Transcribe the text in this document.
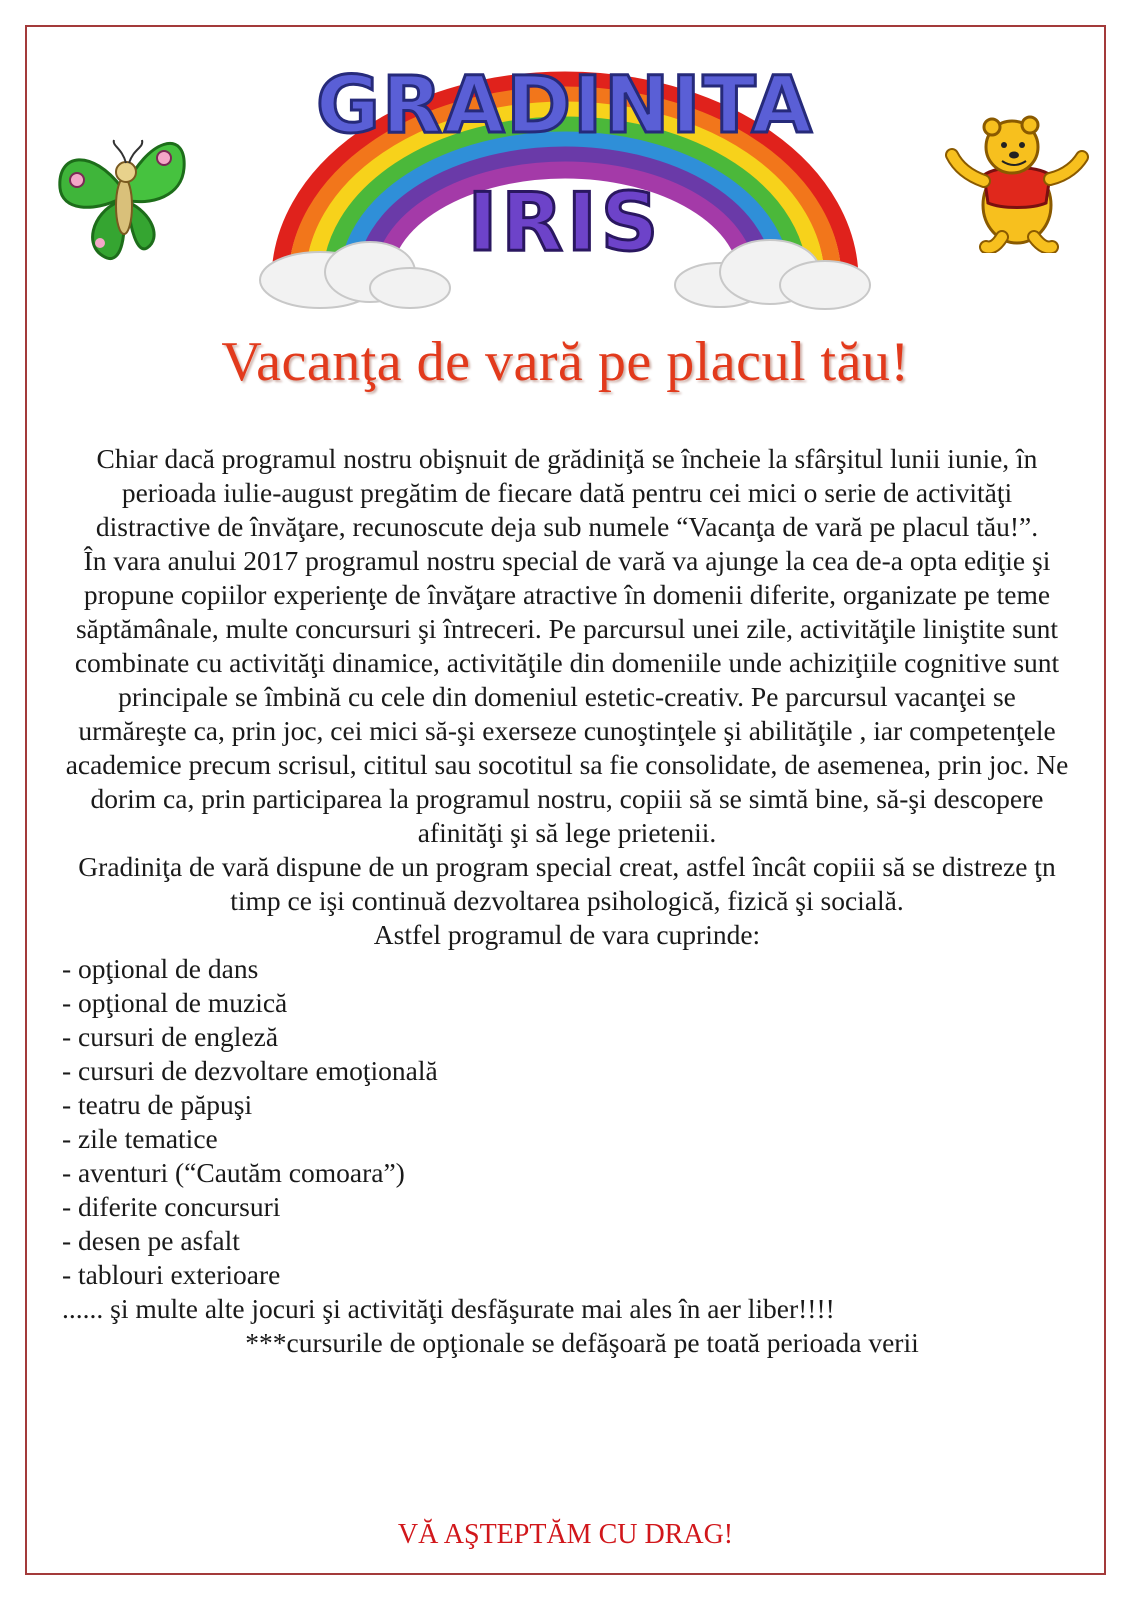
GRADINITA
IRIS
Vacanţa de vară pe placul tău!

Chiar dacă programul nostru obişnuit de grădiniţă se încheie la sfârşitul lunii iunie, în perioada iulie-august pregătim de fiecare dată pentru cei mici o serie de activităţi distractive de învăţare, recunoscute deja sub numele “Vacanţa de vară pe placul tău!”.

În vara anului 2017 programul nostru special de vară va ajunge la cea de-a opta ediţie şi propune copiilor experienţe de învăţare atractive în domenii diferite, organizate pe teme săptămânale, multe concursuri şi întreceri. Pe parcursul unei zile, activităţile liniştite sunt combinate cu activităţi dinamice, activităţile din domeniile unde achiziţiile cognitive sunt principale se îmbină cu cele din domeniul estetic-creativ. Pe parcursul vacanţei se urmăreşte ca, prin joc, cei mici să-şi exerseze cunoştinţele şi abilităţile , iar competenţele academice precum scrisul, cititul sau socotitul sa fie consolidate, de asemenea, prin joc. Ne dorim ca, prin participarea la programul nostru, copiii să se simtă bine, să-şi descopere afinităţi şi să lege prietenii.

Gradiniţa de vară dispune de un program special creat, astfel încât copiii să se distreze ţn timp ce işi continuă dezvoltarea psihologică, fizică şi socială.

Astfel programul de vara cuprinde:

- opţional de dans
- opţional de muzică
- cursuri de engleză
- cursuri de dezvoltare emoţională
- teatru de păpuşi
- zile tematice
- aventuri (“Cautăm comoara”)
- diferite concursuri
- desen pe asfalt
- tablouri exterioare

...... şi multe alte jocuri şi activităţi desfăşurate mai ales în aer liber!!!!

***cursurile de opţionale se defăşoară pe toată perioada verii

VĂ AŞTEPTĂM CU DRAG!
